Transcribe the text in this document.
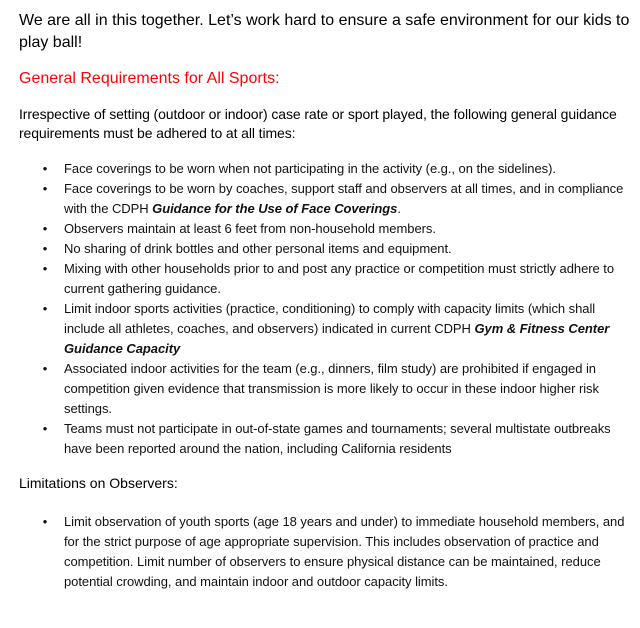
We are all in this together. Let’s work hard to ensure a safe environment for our kids to play ball!

General Requirements for All Sports:

Irrespective of setting (outdoor or indoor) case rate or sport played, the following general guidance requirements must be adhered to at all times:

• Face coverings to be worn when not participating in the activity (e.g., on the sidelines).
• Face coverings to be worn by coaches, support staff and observers at all times, and in compliance with the CDPH Guidance for the Use of Face Coverings.
• Observers maintain at least 6 feet from non-household members.
• No sharing of drink bottles and other personal items and equipment.
• Mixing with other households prior to and post any practice or competition must strictly adhere to current gathering guidance.
• Limit indoor sports activities (practice, conditioning) to comply with capacity limits (which shall include all athletes, coaches, and observers) indicated in current CDPH Gym & Fitness Center Guidance Capacity
• Associated indoor activities for the team (e.g., dinners, film study) are prohibited if engaged in competition given evidence that transmission is more likely to occur in these indoor higher risk settings.
• Teams must not participate in out-of-state games and tournaments; several multistate outbreaks have been reported around the nation, including California residents
Limitations on Observers:
• Limit observation of youth sports (age 18 years and under) to immediate household members, and for the strict purpose of age appropriate supervision. This includes observation of practice and competition. Limit number of observers to ensure physical distance can be maintained, reduce potential crowding, and maintain indoor and outdoor capacity limits.
